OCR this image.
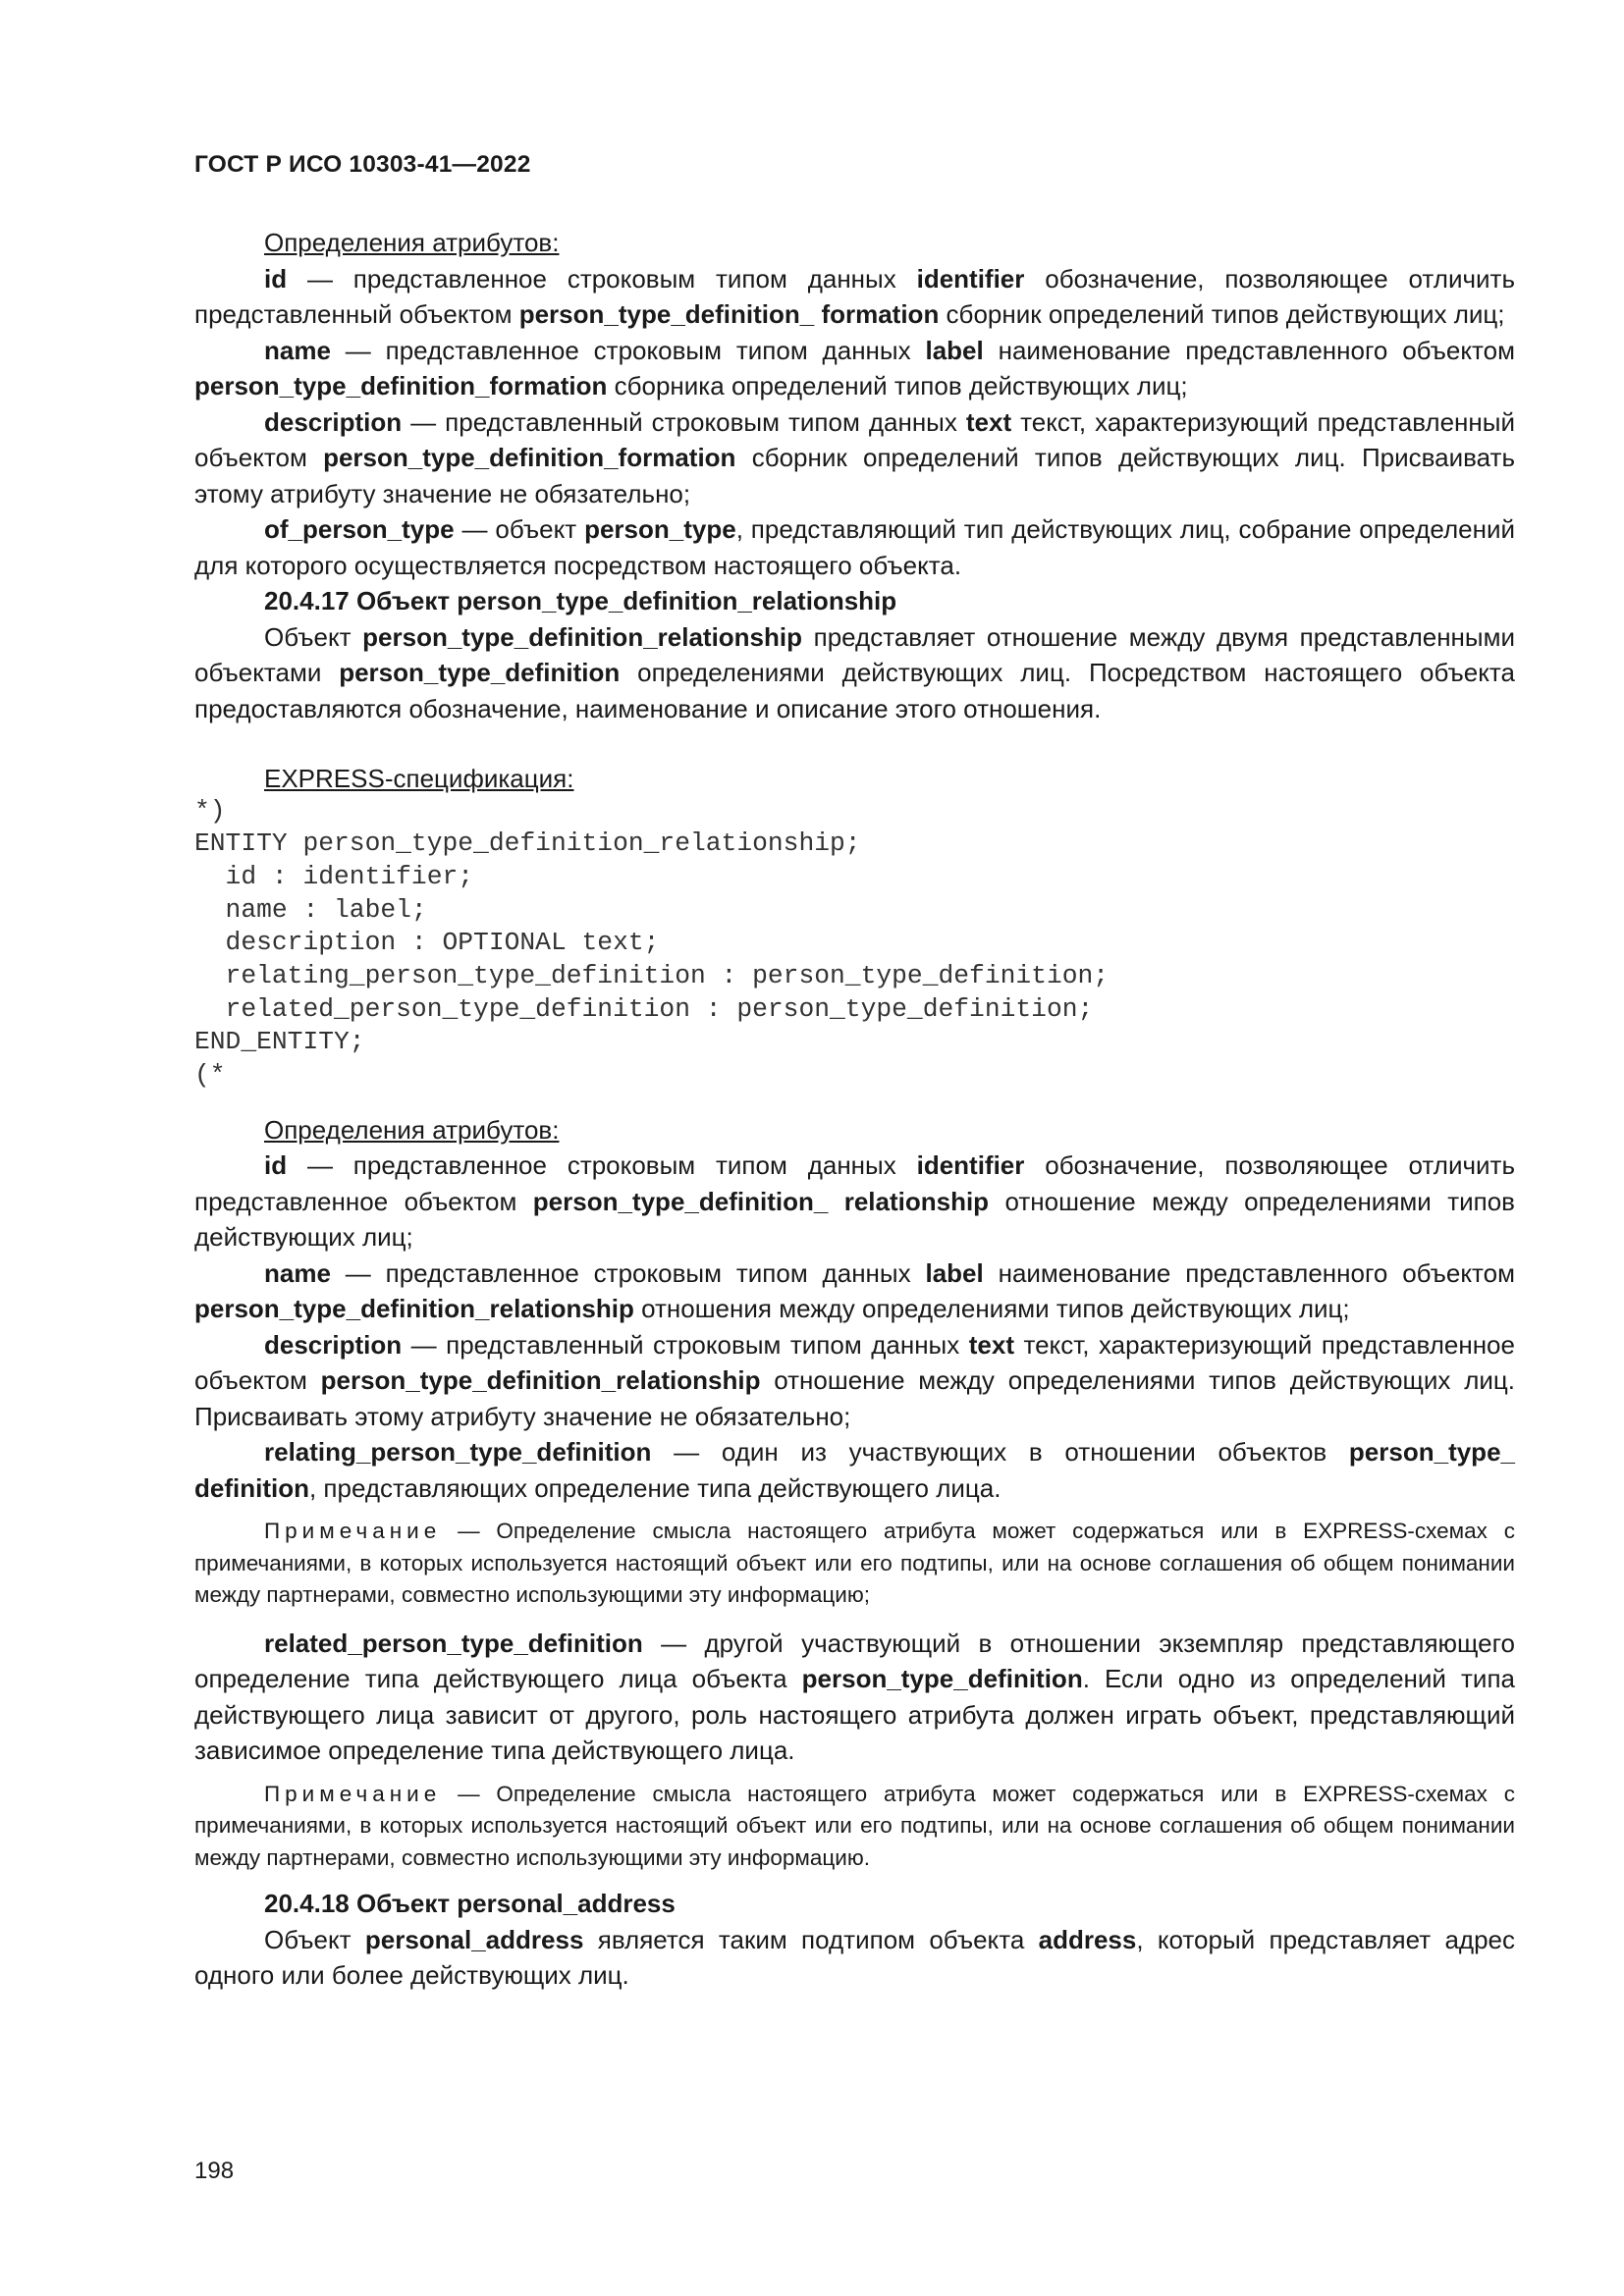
ГОСТ Р ИСО 10303-41—2022

Определения атрибутов:

id — представленное строковым типом данных identifier обозначение, позволяющее отличить представленный объектом person_type_definition_ formation сборник определений типов действующих лиц;

name — представленное строковым типом данных label наименование представленного объектом person_type_definition_formation сборника определений типов действующих лиц;

description — представленный строковым типом данных text текст, характеризующий представленный объектом person_type_definition_formation сборник определений типов действующих лиц. Присваивать этому атрибуту значение не обязательно;

of_person_type — объект person_type, представляющий тип действующих лиц, собрание определений для которого осуществляется посредством настоящего объекта.

20.4.17 Объект person_type_definition_relationship

Объект person_type_definition_relationship представляет отношение между двумя представленными объектами person_type_definition определениями действующих лиц. Посредством настоящего объекта предоставляются обозначение, наименование и описание этого отношения.

EXPRESS-спецификация:

*)
ENTITY person_type_definition_relationship;
id : identifier;
name : label;
description : OPTIONAL text;
relating_person_type_definition : person_type_definition;
related_person_type_definition : person_type_definition;
END_ENTITY;
(*

Определения атрибутов:

id — представленное строковым типом данных identifier обозначение, позволяющее отличить представленное объектом person_type_definition_ relationship отношение между определениями типов действующих лиц;

name — представленное строковым типом данных label наименование представленного объектом person_type_definition_relationship отношения между определениями типов действующих лиц;

description — представленный строковым типом данных text текст, характеризующий представленное объектом person_type_definition_relationship отношение между определениями типов действующих лиц. Присваивать этому атрибуту значение не обязательно;

relating_person_type_definition — один из участвующих в отношении объектов person_type_ definition, представляющих определение типа действующего лица.

Примечание — Определение смысла настоящего атрибута может содержаться или в EXPRESS-схемах с примечаниями, в которых используется настоящий объект или его подтипы, или на основе соглашения об общем понимании между партнерами, совместно использующими эту информацию;

related_person_type_definition — другой участвующий в отношении экземпляр представляющего определение типа действующего лица объекта person_type_definition. Если одно из определений типа действующего лица зависит от другого, роль настоящего атрибута должен играть объект, представляющий зависимое определение типа действующего лица.

Примечание — Определение смысла настоящего атрибута может содержаться или в EXPRESS-схемах с примечаниями, в которых используется настоящий объект или его подтипы, или на основе соглашения об общем понимании между партнерами, совместно использующими эту информацию.

20.4.18 Объект personal_address

Объект personal_address является таким подтипом объекта address, который представляет адрес одного или более действующих лиц.

198
